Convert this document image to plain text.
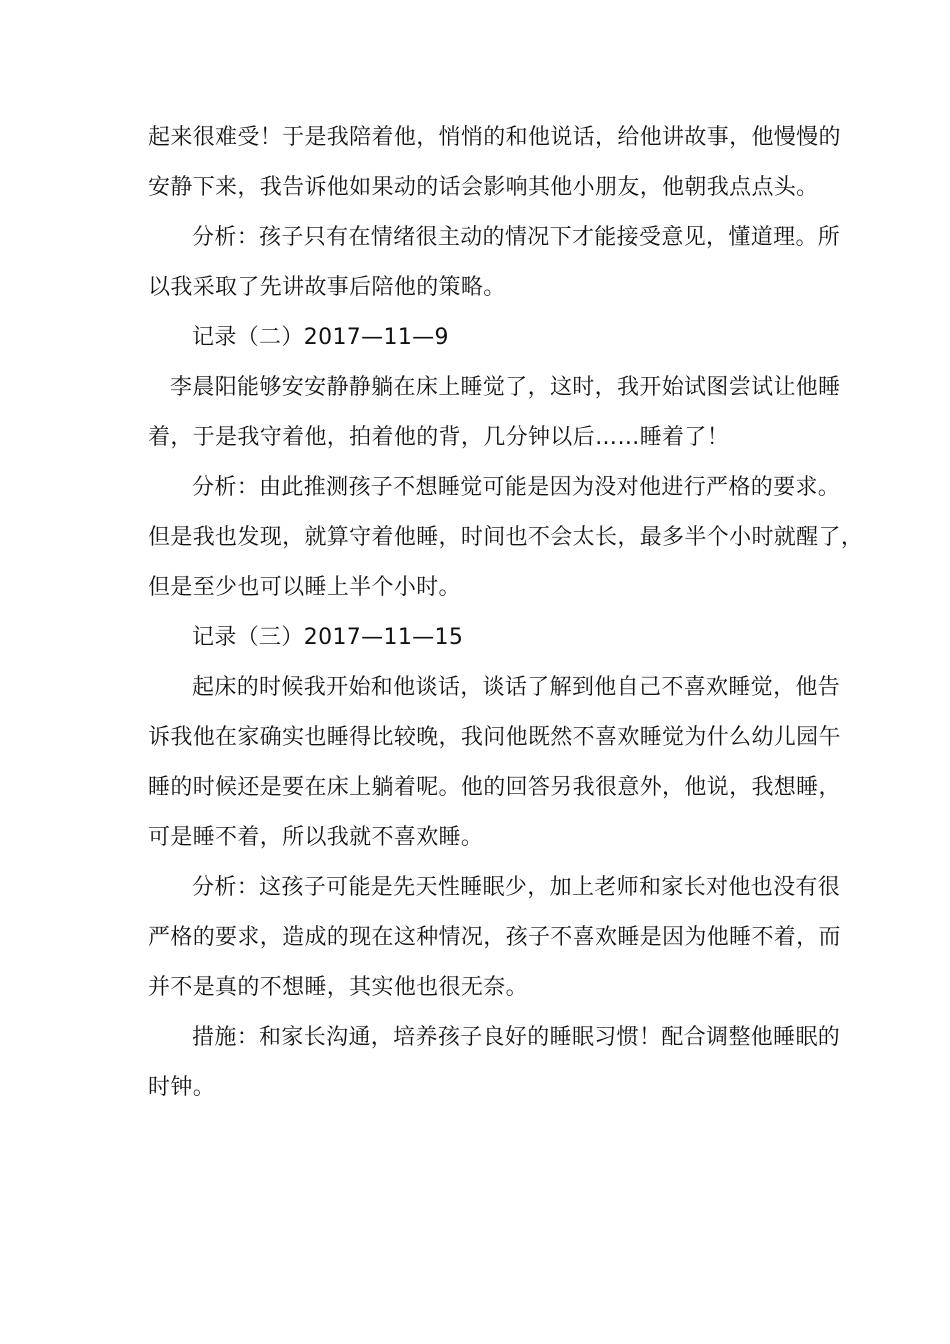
起来很难受！于是我陪着他，悄悄的和他说话，给他讲故事，他慢慢的
安静下来，我告诉他如果动的话会影响其他小朋友，他朝我点点头。
分析：孩子只有在情绪很主动的情况下才能接受意见，懂道理。所
以我采取了先讲故事后陪他的策略。
记录（二）2017—11—9
李晨阳能够安安静静躺在床上睡觉了，这时，我开始试图尝试让他睡
着，于是我守着他，拍着他的背，几分钟以后……睡着了！
分析：由此推测孩子不想睡觉可能是因为没对他进行严格的要求。
但是我也发现，就算守着他睡，时间也不会太长，最多半个小时就醒了，
但是至少也可以睡上半个小时。
记录（三）2017—11—15
起床的时候我开始和他谈话，谈话了解到他自己不喜欢睡觉，他告
诉我他在家确实也睡得比较晚，我问他既然不喜欢睡觉为什么幼儿园午
睡的时候还是要在床上躺着呢。他的回答另我很意外，他说，我想睡，
可是睡不着，所以我就不喜欢睡。
分析：这孩子可能是先天性睡眠少，加上老师和家长对他也没有很
严格的要求，造成的现在这种情况，孩子不喜欢睡是因为他睡不着，而
并不是真的不想睡，其实他也很无奈。
措施：和家长沟通，培养孩子良好的睡眠习惯！配合调整他睡眠的
时钟。
